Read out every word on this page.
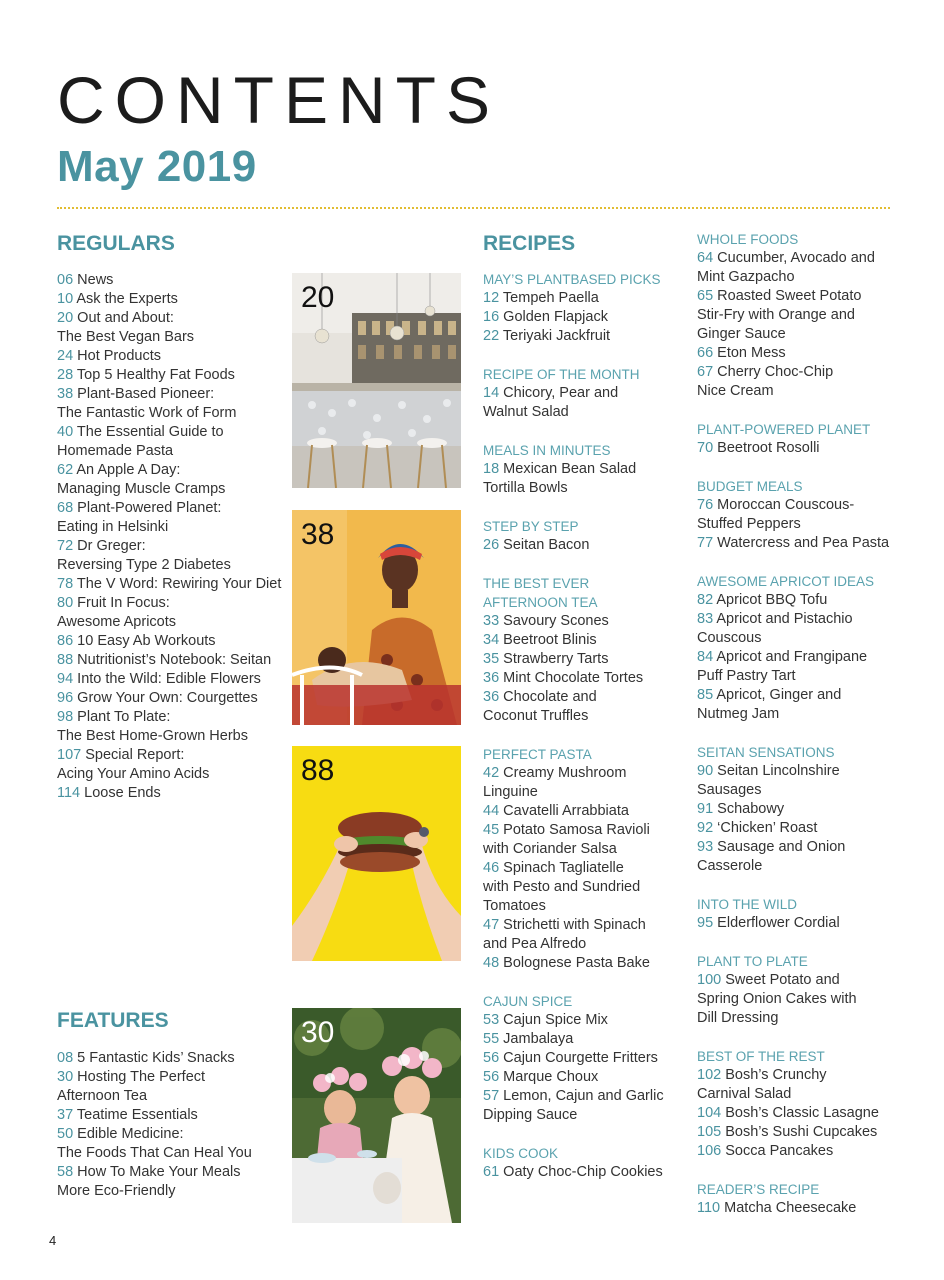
CONTENTS
May 2019
REGULARS

06 News

10 Ask the Experts

20 Out and About:
The Best Vegan Bars

24 Hot Products

28 Top 5 Healthy Fat Foods

38 Plant-Based Pioneer:
The Fantastic Work of Form

40 The Essential Guide to
Homemade Pasta

62 An Apple A Day:
Managing Muscle Cramps

68 Plant-Powered Planet:
Eating in Helsinki

72 Dr Greger:
Reversing Type 2 Diabetes

78 The V Word: Rewiring Your Diet

80 Fruit In Focus:
Awesome Apricots

86 10 Easy Ab Workouts

88 Nutritionist’s Notebook: Seitan

94 Into the Wild: Edible Flowers

96 Grow Your Own: Courgettes

98 Plant To Plate:
The Best Home-Grown Herbs

107 Special Report:
Acing Your Amino Acids

114 Loose Ends

FEATURES

08 5 Fantastic Kids’ Snacks

30 Hosting The Perfect
Afternoon Tea

37 Teatime Essentials

50 Edible Medicine:
The Foods That Can Heal You

58 How To Make Your Meals
More Eco-Friendly

20
38
88
30
RECIPES

MAY’S PLANTBASED PICKS

12 Tempeh Paella

16 Golden Flapjack

22 Teriyaki Jackfruit

RECIPE OF THE MONTH

14 Chicory, Pear and
Walnut Salad

MEALS IN MINUTES

18 Mexican Bean Salad
Tortilla Bowls

STEP BY STEP

26 Seitan Bacon

THE BEST EVER

AFTERNOON TEA

33 Savoury Scones

34 Beetroot Blinis

35 Strawberry Tarts

36 Mint Chocolate Tortes

36 Chocolate and
Coconut Truffles

PERFECT PASTA

42 Creamy Mushroom
Linguine

44 Cavatelli Arrabbiata

45 Potato Samosa Ravioli
with Coriander Salsa

46 Spinach Tagliatelle
with Pesto and Sundried
Tomatoes

47 Strichetti with Spinach
and Pea Alfredo

48 Bolognese Pasta Bake

CAJUN SPICE

53 Cajun Spice Mix

55 Jambalaya

56 Cajun Courgette Fritters

56 Marque Choux

57 Lemon, Cajun and Garlic
Dipping Sauce

KIDS COOK

61 Oaty Choc-Chip Cookies

WHOLE FOODS

64 Cucumber, Avocado and
Mint Gazpacho

65 Roasted Sweet Potato
Stir-Fry with Orange and
Ginger Sauce

66 Eton Mess

67 Cherry Choc-Chip
Nice Cream

PLANT-POWERED PLANET

70 Beetroot Rosolli

BUDGET MEALS

76 Moroccan Couscous-
Stuffed Peppers

77 Watercress and Pea Pasta

AWESOME APRICOT IDEAS

82 Apricot BBQ Tofu

83 Apricot and Pistachio
Couscous

84 Apricot and Frangipane
Puff Pastry Tart

85 Apricot, Ginger and
Nutmeg Jam

SEITAN SENSATIONS

90 Seitan Lincolnshire
Sausages

91 Schabowy

92 ‘Chicken’ Roast

93 Sausage and Onion
Casserole

INTO THE WILD

95 Elderflower Cordial

PLANT TO PLATE

100 Sweet Potato and
Spring Onion Cakes with
Dill Dressing

BEST OF THE REST

102 Bosh’s Crunchy
Carnival Salad

104 Bosh’s Classic Lasagne

105 Bosh’s Sushi Cupcakes

106 Socca Pancakes

READER’S RECIPE

110 Matcha Cheesecake

4
